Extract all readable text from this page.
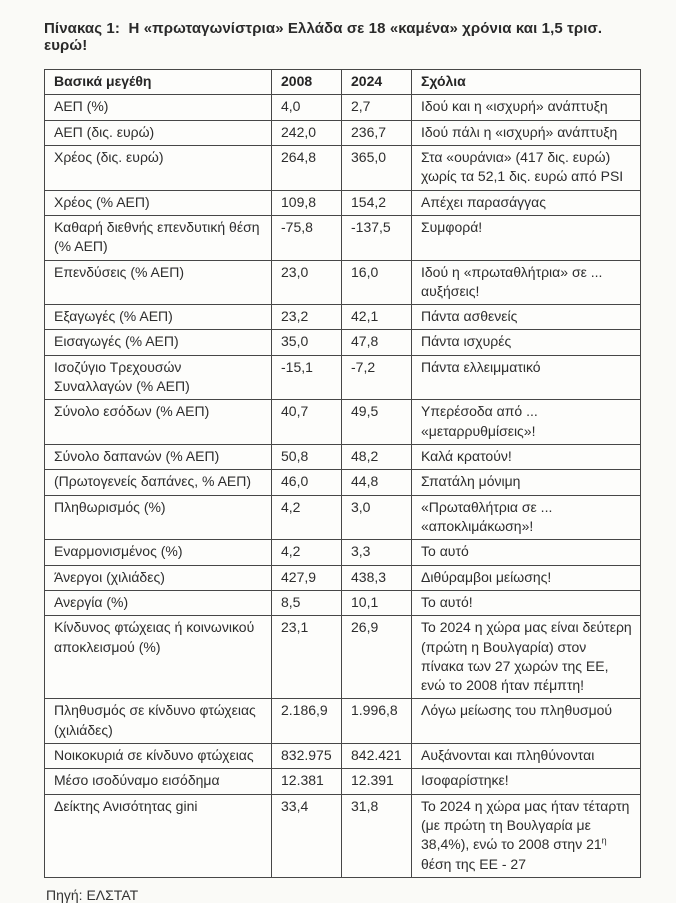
Πίνακας 1:  Η «πρωταγωνίστρια» Ελλάδα σε 18 «καμένα» χρόνια και 1,5 τρισ. ευρώ!

Βασικά μεγέθη	2008	2024	Σχόλια
ΑΕΠ (%)	4,0	2,7	Ιδού και η «ισχυρή» ανάπτυξη
ΑΕΠ (δις. ευρώ)	242,0	236,7	Ιδού πάλι η «ισχυρή» ανάπτυξη
Χρέος (δις. ευρώ)	264,8	365,0	Στα «ουράνια» (417 δις. ευρώ) χωρίς τα 52,1 δις. ευρώ από PSI
Χρέος (% ΑΕΠ)	109,8	154,2	Απέχει παρασάγγας
Καθαρή διεθνής επενδυτική θέση (% ΑΕΠ)	-75,8	-137,5	Συμφορά!
Επενδύσεις (% ΑΕΠ)	23,0	16,0	Ιδού η «πρωταθλήτρια» σε ... αυξήσεις!
Εξαγωγές (% ΑΕΠ)	23,2	42,1	Πάντα ασθενείς
Εισαγωγές (% ΑΕΠ)	35,0	47,8	Πάντα ισχυρές
Ισοζύγιο Τρεχουσών Συναλλαγών (% ΑΕΠ)	-15,1	-7,2	Πάντα ελλειμματικό
Σύνολο εσόδων (% ΑΕΠ)	40,7	49,5	Υπερέσοδα από ... «μεταρρυθμίσεις»!
Σύνολο δαπανών (% ΑΕΠ)	50,8	48,2	Καλά κρατούν!
(Πρωτογενείς δαπάνες, % ΑΕΠ)	46,0	44,8	Σπατάλη μόνιμη
Πληθωρισμός (%)	4,2	3,0	«Πρωταθλήτρια σε ... «αποκλιμάκωση»!
Εναρμονισμένος (%)	4,2	3,3	Το αυτό
Άνεργοι (χιλιάδες)	427,9	438,3	Διθύραμβοι μείωσης!
Ανεργία (%)	8,5	10,1	Το αυτό!
Κίνδυνος φτώχειας ή κοινωνικού αποκλεισμού (%)	23,1	26,9	Το 2024 η χώρα μας είναι δεύτερη (πρώτη η Βουλγαρία) στον πίνακα των 27 χωρών της ΕΕ, ενώ το 2008 ήταν πέμπτη!
Πληθυσμός σε κίνδυνο φτώχειας (χιλιάδες)	2.186,9	1.996,8	Λόγω μείωσης του πληθυσμού
Νοικοκυριά σε κίνδυνο φτώχειας	832.975	842.421	Αυξάνονται και πληθύνονται
Μέσο ισοδύναμο εισόδημα	12.381	12.391	Ισοφαρίστηκε!
Δείκτης Ανισότητας gini	33,4	31,8	Το 2024 η χώρα μας ήταν τέταρτη (με πρώτη τη Βουλγαρία με 38,4%), ενώ το 2008 στην $21^\eta$ θέση της ΕΕ - 27

Πηγή: ΕΛΣΤΑΤ
